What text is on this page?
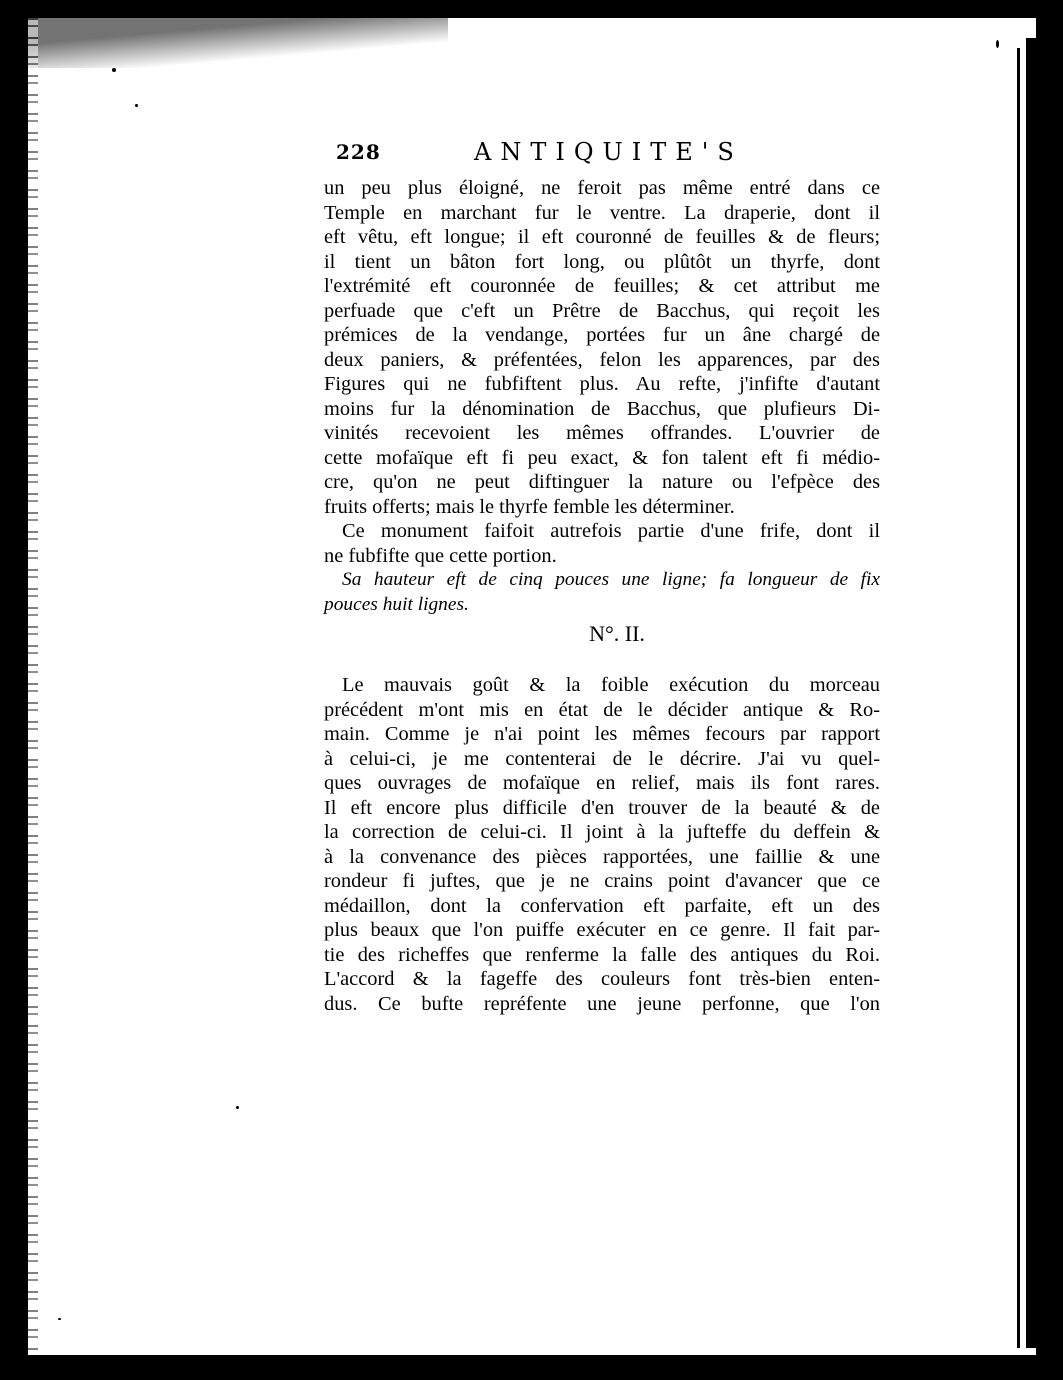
228	ANTIQUITE'S
un peu plus éloigné, ne feroit pas même entré dans ce
Temple en marchant fur le ventre. La draperie, dont il
eft vêtu, eft longue; il eft couronné de feuilles & de fleurs;
il tient un bâton fort long, ou plûtôt un thyrfe, dont
l'extrémité eft couronnée de feuilles; & cet attribut me
perfuade que c'eft un Prêtre de Bacchus, qui reçoit les
prémices de la vendange, portées fur un âne chargé de
deux paniers, & préfentées, felon les apparences, par des
Figures qui ne fubfiftent plus. Au refte, j'infifte d'autant
moins fur la dénomination de Bacchus, que plufieurs Di-
vinités recevoient les mêmes offrandes. L'ouvrier de
cette mofaïque eft fi peu exact, & fon talent eft fi médio-
cre, qu'on ne peut diftinguer la nature ou l'efpèce des
fruits offerts; mais le thyrfe femble les déterminer.
Ce monument faifoit autrefois partie d'une frife, dont il
ne fubfifte que cette portion.
Sa hauteur eft de cinq pouces une ligne; fa longueur de fix
pouces huit lignes.
N°. II.
Le mauvais goût & la foible exécution du morceau
précédent m'ont mis en état de le décider antique & Ro-
main. Comme je n'ai point les mêmes fecours par rapport
à celui-ci, je me contenterai de le décrire. J'ai vu quel-
ques ouvrages de mofaïque en relief, mais ils font rares.
Il eft encore plus difficile d'en trouver de la beauté & de
la correction de celui-ci. Il joint à la jufteffe du deffein &
à la convenance des pièces rapportées, une faillie & une
rondeur fi juftes, que je ne crains point d'avancer que ce
médaillon, dont la confervation eft parfaite, eft un des
plus beaux que l'on puiffe exécuter en ce genre. Il fait par-
tie des richeffes que renferme la falle des antiques du Roi.
L'accord & la fageffe des couleurs font très-bien enten-
dus. Ce bufte repréfente une jeune perfonne, que l'on
